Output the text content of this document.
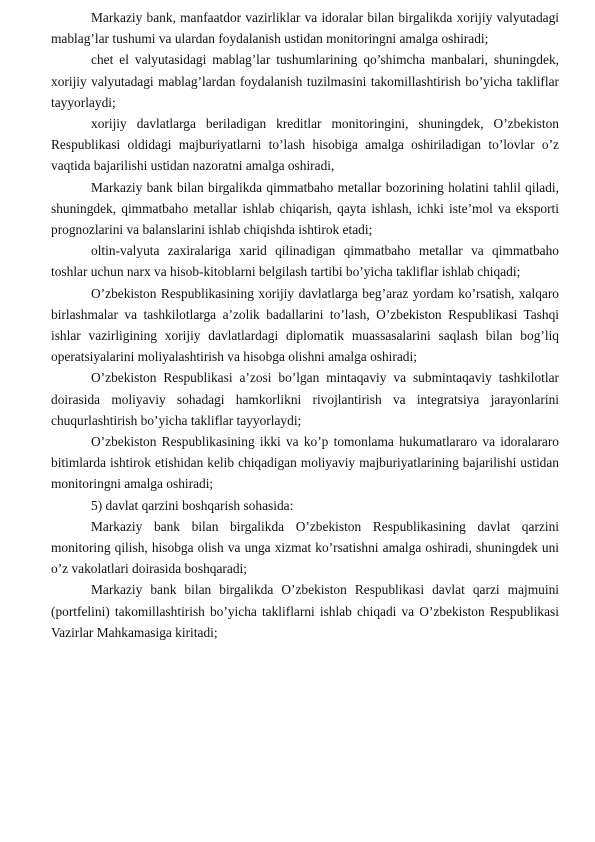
Markaziy bank, manfaatdor vazirliklar va idoralar bilan birgalikda xorijiy valyutadagi mablag’lar tushumi va ulardan foydalanish ustidan monitoringni amalga oshiradi;

chet el valyutasidagi mablag’lar tushumlarining qo’shimcha manbalari, shuningdek, xorijiy valyutadagi mablag’lardan foydalanish tuzilmasini takomillashtirish bo’yicha takliflar tayyorlaydi;

xorijiy davlatlarga beriladigan kreditlar monitoringini, shuningdek, O’zbekiston Respublikasi oldidagi majburiyatlarni to’lash hisobiga amalga oshiriladigan to’lovlar o’z vaqtida bajarilishi ustidan nazoratni amalga oshiradi,

Markaziy bank bilan birgalikda qimmatbaho metallar bozorining holatini tahlil qiladi, shuningdek, qimmatbaho metallar ishlab chiqarish, qayta ishlash, ichki iste’mol va eksporti prognozlarini va balanslarini ishlab chiqishda ishtirok etadi;

oltin-valyuta zaxiralariga xarid qilinadigan qimmatbaho metallar va qimmatbaho toshlar uchun narx va hisob-kitoblarni belgilash tartibi bo’yicha takliflar ishlab chiqadi;

O’zbekiston Respublikasining xorijiy davlatlarga beg’araz yordam ko’rsatish, xalqaro birlashmalar va tashkilotlarga a’zolik badallarini to’lash, O’zbekiston Respublikasi Tashqi ishlar vazirligining xorijiy davlatlardagi diplomatik muassasalarini saqlash bilan bog’liq operatsiyalarini moliyalashtirish va hisobga olishni amalga oshiradi;

O’zbekiston Respublikasi a’zosi bo’lgan mintaqaviy va submintaqaviy tashkilotlar doirasida moliyaviy sohadagi hamkorlikni rivojlantirish va integratsiya jarayonlarini chuqurlashtirish bo’yicha takliflar tayyorlaydi;

O’zbekiston Respublikasining ikki va ko’p tomonlama hukumatlararo va idoralararo bitimlarda ishtirok etishidan kelib chiqadigan moliyaviy majburiyatlarining bajarilishi ustidan monitoringni amalga oshiradi;

5) davlat qarzini boshqarish sohasida:

Markaziy bank bilan birgalikda O’zbekiston Respublikasining davlat qarzini monitoring qilish, hisobga olish va unga xizmat ko’rsatishni amalga oshiradi, shuningdek uni o’z vakolatlari doirasida boshqaradi;

Markaziy bank bilan birgalikda O’zbekiston Respublikasi davlat qarzi majmuini (portfelini) takomillashtirish bo’yicha takliflarni ishlab chiqadi va O’zbekiston Respublikasi Vazirlar Mahkamasiga kiritadi;
